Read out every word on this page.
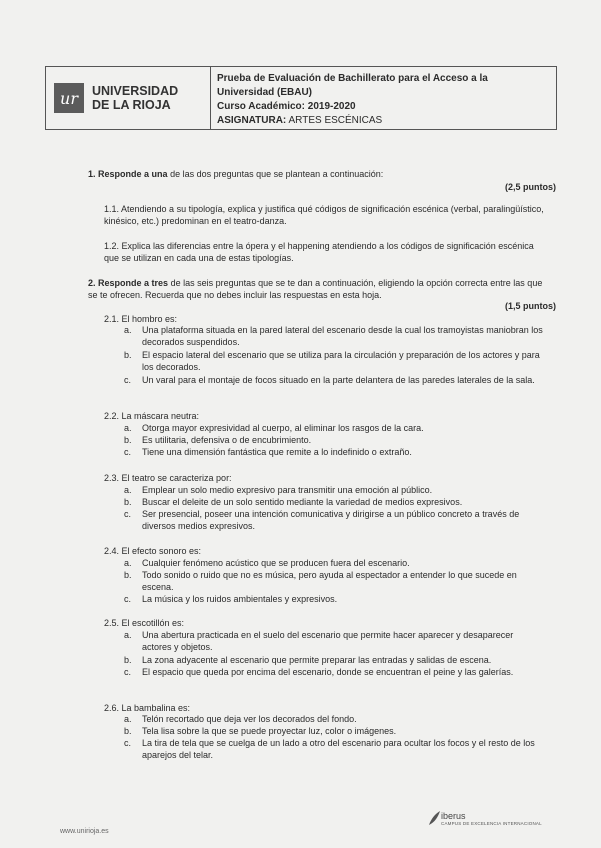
ur	UNIVERSIDAD DE LA RIOJA
Prueba de Evaluación de Bachillerato para el Acceso a la
Universidad (EBAU)
Curso Académico: 2019-2020
ASIGNATURA: ARTES ESCÉNICAS
1. Responde a una de las dos preguntas que se plantean a continuación:
(2,5 puntos)
1.1. Atendiendo a su tipología, explica y justifica qué códigos de significación escénica (verbal, paralingüístico, kinésico, etc.) predominan en el teatro-danza.
1.2. Explica las diferencias entre la ópera y el happening atendiendo a los códigos de significación escénica que se utilizan en cada una de estas tipologías.
2. Responde a tres de las seis preguntas que se te dan a continuación, eligiendo la opción correcta entre las que se te ofrecen. Recuerda que no debes incluir las respuestas en esta hoja.
(1,5 puntos)
2.1. El hombro es:
a.	Una plataforma situada en la pared lateral del escenario desde la cual los tramoyistas maniobran los decorados suspendidos.
b.	El espacio lateral del escenario que se utiliza para la circulación y preparación de los actores y para los decorados.
c.	Un varal para el montaje de focos situado en la parte delantera de las paredes laterales de la sala.
2.2. La máscara neutra:
a.	Otorga mayor expresividad al cuerpo, al eliminar los rasgos de la cara.
b.	Es utilitaria, defensiva o de encubrimiento.
c.	Tiene una dimensión fantástica que remite a lo indefinido o extraño.
2.3. El teatro se caracteriza por:
a.	Emplear un solo medio expresivo para transmitir una emoción al público.
b.	Buscar el deleite de un solo sentido mediante la variedad de medios expresivos.
c.	Ser presencial, poseer una intención comunicativa y dirigirse a un público concreto a través de diversos medios expresivos.
2.4. El efecto sonoro es:
a.	Cualquier fenómeno acústico que se producen fuera del escenario.
b.	Todo sonido o ruido que no es música, pero ayuda al espectador a entender lo que sucede en escena.
c.	La música y los ruidos ambientales y expresivos.
2.5. El escotillón es:
a.	Una abertura practicada en el suelo del escenario que permite hacer aparecer y desaparecer actores y objetos.
b.	La zona adyacente al escenario que permite preparar las entradas y salidas de escena.
c.	El espacio que queda por encima del escenario, donde se encuentran el peine y las galerías.
2.6. La bambalina es:
a.	Telón recortado que deja ver los decorados del fondo.
b.	Tela lisa sobre la que se puede proyectar luz, color o imágenes.
c.	La tira de tela que se cuelga de un lado a otro del escenario para ocultar los focos y el resto de los aparejos del telar.
www.unirioja.es
iberus
CAMPUS DE EXCELENCIA INTERNACIONAL
